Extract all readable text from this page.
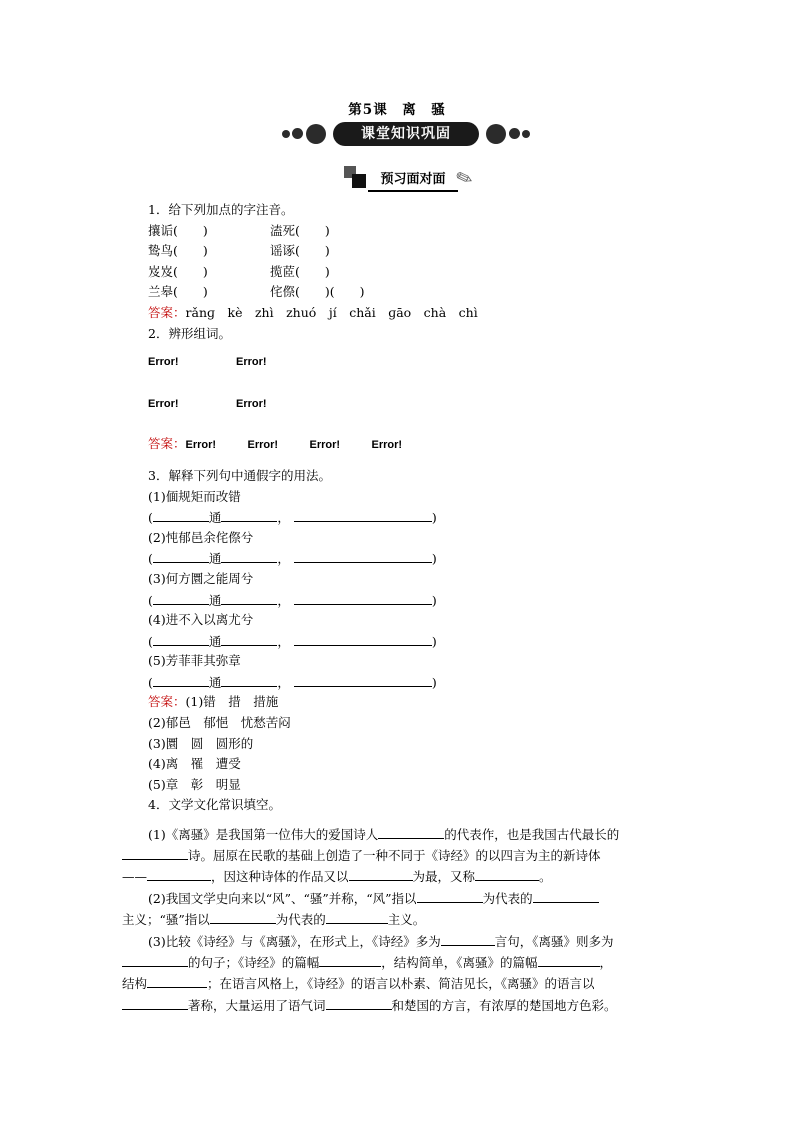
第5课　离　骚
课堂知识巩固
预习面对面 ✎
1．给下列加点的字注音。
攘诟(　　)	溘死(　　)
鸷鸟(　　)	谣诼(　　)
岌岌(　　)	揽茝(　　)
兰皋(　　)	侘傺(　　)(　　)
答案：rǎnɡ　kè　zhì　zhuó　jí　chǎi　ɡāo　chà　chì
2．辨形组词。
Error!	Error!
Error!	Error!
答案：Error!	Error!	Error!	Error!
3．解释下列句中通假字的用法。
(1)偭规矩而改错
(	通	，	)
(2)忳郁邑余侘傺兮
(	通	，	)
(3)何方圜之能周兮
(	通	，	)
(4)进不入以离尤兮
(	通	，	)
(5)芳菲菲其弥章
(	通	，	)
答案：(1)错　措　措施
(2)郁邑　郁悒　忧愁苦闷
(3)圜　圆　圆形的
(4)离　罹　遭受
(5)章　彰　明显
4．文学文化常识填空。
(1)《离骚》是我国第一位伟大的爱国诗人	的代表作，也是我国古代最长的
诗。屈原在民歌的基础上创造了一种不同于《诗经》的以四言为主的新诗体
——	，因这种诗体的作品又以	为最，又称	。
(2)我国文学史向来以“风”、“骚”并称，“风”指以	为代表的
主义；“骚”指以	为代表的	主义。
(3)比较《诗经》与《离骚》，在形式上，《诗经》多为	言句，《离骚》则多为
的句子；《诗经》的篇幅	，结构简单，《离骚》的篇幅	，
结构	；在语言风格上，《诗经》的语言以朴素、简洁见长，《离骚》的语言以
著称，大量运用了语气词	和楚国的方言，有浓厚的楚国地方色彩。
